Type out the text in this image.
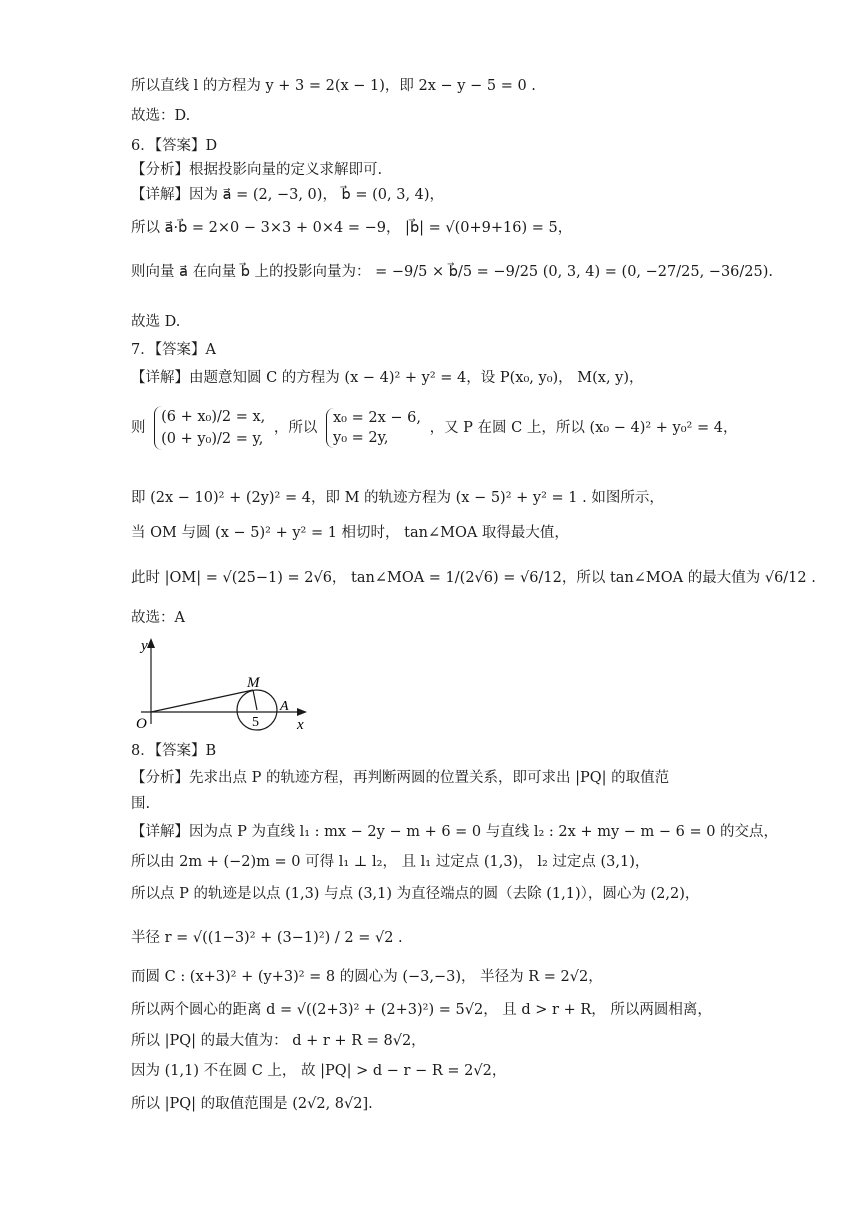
所以直线 l 的方程为 y + 3 = 2(x − 1)，即 2x − y − 5 = 0 .
故选：D.
6．【答案】D
【分析】根据投影向量的定义求解即可.
【详解】因为 a⃗ = (2, −3, 0)， b⃗ = (0, 3, 4)，
所以 a⃗·b⃗ = 2×0 − 3×3 + 0×4 = −9， |b⃗| = √(0+9+16) = 5，
则向量 a⃗ 在向量 b⃗ 上的投影向量为： = −9/5 × b⃗/5 = −9/25 (0, 3, 4) = (0, −27/25, −36/25).
故选 D.
7．【答案】A
【详解】由题意知圆 C 的方程为 (x − 4)² + y² = 4，设 P(x₀, y₀)， M(x, y)，
则
(6 + x₀)/2 = x,
(0 + y₀)/2 = y,
，所以
x₀ = 2x − 6,
y₀ = 2y,
，又 P 在圆 C 上，所以 (x₀ − 4)² + y₀² = 4，
即 (2x − 10)² + (2y)² = 4，即 M 的轨迹方程为 (x − 5)² + y² = 1 . 如图所示，
当 OM 与圆 (x − 5)² + y² = 1 相切时， tan∠MOA 取得最大值，
此时 |OM| = √(25−1) = 2√6， tan∠MOA = 1/(2√6) = √6/12，所以 tan∠MOA 的最大值为 √6/12 .
故选：A
y
x
O
M
A
5
8．【答案】B
【分析】先求出点 P 的轨迹方程，再判断两圆的位置关系，即可求出 |PQ| 的取值范
围.
【详解】因为点 P 为直线 l₁ : mx − 2y − m + 6 = 0 与直线 l₂ : 2x + my − m − 6 = 0 的交点，
所以由 2m + (−2)m = 0 可得 l₁ ⊥ l₂， 且 l₁ 过定点 (1,3)， l₂ 过定点 (3,1)，
所以点 P 的轨迹是以点 (1,3) 与点 (3,1) 为直径端点的圆（去除 (1,1)），圆心为 (2,2)，
半径 r = √((1−3)² + (3−1)²) / 2 = √2 .
而圆 C : (x+3)² + (y+3)² = 8 的圆心为 (−3,−3)， 半径为 R = 2√2，
所以两个圆心的距离 d = √((2+3)² + (2+3)²) = 5√2， 且 d > r + R， 所以两圆相离，
所以 |PQ| 的最大值为： d + r + R = 8√2，
因为 (1,1) 不在圆 C 上， 故 |PQ| > d − r − R = 2√2，
所以 |PQ| 的取值范围是 (2√2, 8√2].
